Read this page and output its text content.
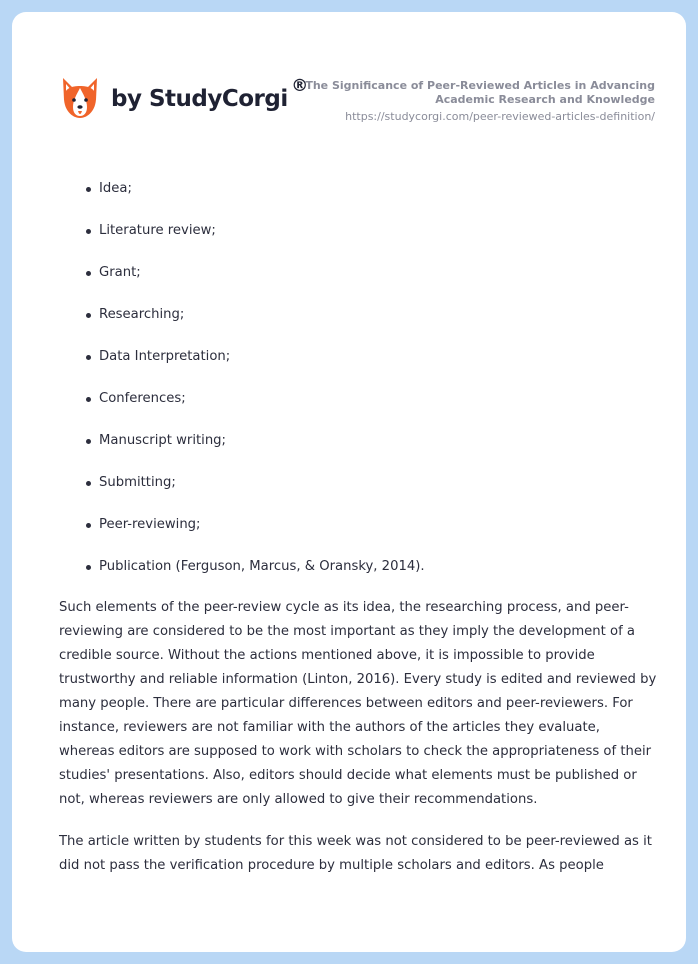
by StudyCorgi ®
The Significance of Peer-Reviewed Articles in Advancing Academic Research and Knowledge
https://studycorgi.com/peer-reviewed-articles-definition/
Idea;
Literature review;
Grant;
Researching;
Data Interpretation;
Conferences;
Manuscript writing;
Submitting;
Peer-reviewing;
Publication (Ferguson, Marcus, & Oransky, 2014).

Such elements of the peer-review cycle as its idea, the researching process, and peer-reviewing are considered to be the most important as they imply the development of a credible source. Without the actions mentioned above, it is impossible to provide trustworthy and reliable information (Linton, 2016). Every study is edited and reviewed by many people. There are particular differences between editors and peer-reviewers. For instance, reviewers are not familiar with the authors of the articles they evaluate, whereas editors are supposed to work with scholars to check the appropriateness of their studies' presentations. Also, editors should decide what elements must be published or not, whereas reviewers are only allowed to give their recommendations.

The article written by students for this week was not considered to be peer-reviewed as it did not pass the verification procedure by multiple scholars and editors. As people
